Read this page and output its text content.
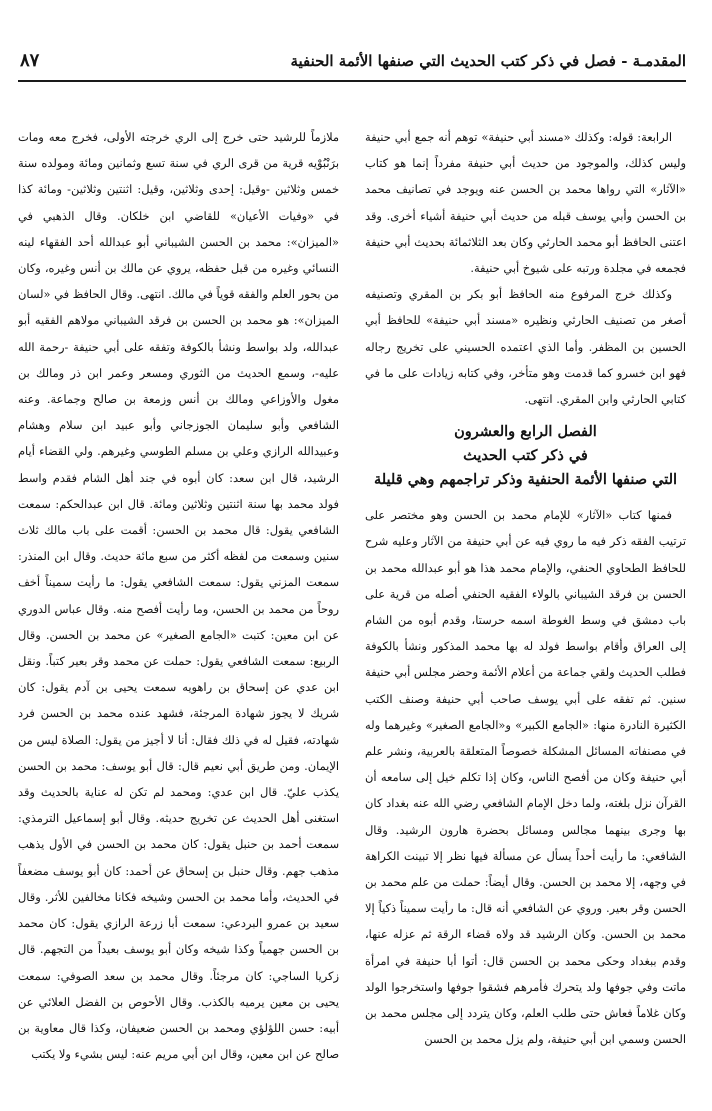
المقدمـة - فصل في ذكر كتب الحديث التي صنفها الأئمة الحنفية
٨٧

الرابعة: قوله: وكذلك «مسند أبي حنيفة» توهم أنه جمع أبي حنيفة وليس كذلك، والموجود من حديث أبي حنيفة مفرداً إنما هو كتاب «الآثار» التي رواها محمد بن الحسن عنه ويوجد في تصانيف محمد بن الحسن وأبي يوسف قبله من حديث أبي حنيفة أشياء أخرى. وقد اعتنى الحافظ أبو محمد الحارثي وكان بعد الثلاثمائة بحديث أبي حنيفة فجمعه في مجلدة ورتبه على شيوخ أبي حنيفة.

وكذلك خرج المرفوع منه الحافظ أبو بكر بن المقري وتصنيفه أصغر من تصنيف الحارثي ونظيره «مسند أبي حنيفة» للحافظ أبي الحسين بن المظفر. وأما الذي اعتمده الحسيني على تخريج رجاله فهو ابن خسرو كما قدمت وهو متأخر، وفي كتابه زيادات على ما في كتابي الحارثي وابن المقري. انتهى.

الفصل الرابع والعشرون
في ذكر كتب الحديث
التي صنفها الأئمة الحنفية وذكر تراجمهم وهي قليلة

فمنها كتاب «الآثار» للإمام محمد بن الحسن وهو مختصر على ترتيب الفقه ذكر فيه ما روي فيه عن أبي حنيفة من الآثار وعليه شرح للحافظ الطحاوي الحنفي، والإمام محمد هذا هو أبو عبدالله محمد بن الحسن بن فرقد الشيباني بالولاء الفقيه الحنفي أصله من قرية على باب دمشق في وسط الغوطة اسمه حرستا، وقدم أبوه من الشام إلى العراق وأقام بواسط فولد له بها محمد المذكور ونشأ بالكوفة فطلب الحديث ولقي جماعة من أعلام الأئمة وحضر مجلس أبي حنيفة سنين. ثم تفقه على أبي يوسف صاحب أبي حنيفة وصنف الكتب الكثيرة النادرة منها: «الجامع الكبير» و«الجامع الصغير» وغيرهما وله في مصنفاته المسائل المشكلة خصوصاً المتعلقة بالعربية، ونشر علم أبي حنيفة وكان من أفصح الناس، وكان إذا تكلم خيل إلى سامعه أن القرآن نزل بلغته، ولما دخل الإمام الشافعي رضي الله عنه بغداد كان بها وجرى بينهما مجالس ومسائل بحضرة هارون الرشيد. وقال الشافعي: ما رأيت أحداً يسأل عن مسألة فيها نظر إلا تبينت الكراهة في وجهه، إلا محمد بن الحسن. وقال أيضاً: حملت من علم محمد بن الحسن وقر بعير. وروي عن الشافعي أنه قال: ما رأيت سميناً ذكياً إلا محمد بن الحسن. وكان الرشيد قد ولاه قضاء الرقة ثم عزله عنها، وقدم ببغداد وحكى محمد بن الحسن قال: أتوا أبا حنيفة في امرأة ماتت وفي جوفها ولد يتحرك فأمرهم فشقوا جوفها واستخرجوا الولد وكان غلاماً فعاش حتى طلب العلم، وكان يتردد إلى مجلس محمد بن الحسن وسمي ابن أبي حنيفة، ولم يزل محمد بن الحسن

ملازماً للرشيد حتى خرج إلى الري خرجته الأولى، فخرج معه ومات برَنْبُوْيه قرية من قرى الري في سنة تسع وثمانين ومائة ومولده سنة خمس وثلاثين -وقيل: إحدى وثلاثين، وقيل: اثنتين وثلاثين- ومائة كذا في «وفيات الأعيان» للقاضي ابن خلكان. وقال الذهبي في «الميزان»: محمد بن الحسن الشيباني أبو عبدالله أحد الفقهاء لينه النسائي وغيره من قبل حفظه، يروي عن مالك بن أنس وغيره، وكان من بحور العلم والفقه قوياً في مالك. انتهى. وقال الحافظ في «لسان الميزان»: هو محمد بن الحسن بن فرقد الشيباني مولاهم الفقيه أبو عبدالله، ولد بواسط ونشأ بالكوفة وتفقه على أبي حنيفة -رحمة الله عليه-، وسمع الحديث من الثوري ومسعر وعمر ابن ذر ومالك بن مغول والأوزاعي ومالك بن أنس وزمعة بن صالح وجماعة. وعنه الشافعي وأبو سليمان الجوزجاني وأبو عبيد ابن سلام وهشام وعبيدالله الرازي وعلي بن مسلم الطوسي وغيرهم. ولي القضاء أيام الرشيد، قال ابن سعد: كان أبوه في جند أهل الشام فقدم واسط فولد محمد بها سنة اثنتين وثلاثين ومائة. قال ابن عبدالحكم: سمعت الشافعي يقول: قال محمد بن الحسن: أقمت على باب مالك ثلاث سنين وسمعت من لفظه أكثر من سبع مائة حديث. وقال ابن المنذر: سمعت المزني يقول: سمعت الشافعي يقول: ما رأيت سميناً أخف روحاً من محمد بن الحسن، وما رأيت أفصح منه. وقال عباس الدوري عن ابن معين: كتبت «الجامع الصغير» عن محمد بن الحسن. وقال الربيع: سمعت الشافعي يقول: حملت عن محمد وقر بعير كتباً. ونقل ابن عدي عن إسحاق بن راهويه سمعت يحيى بن آدم يقول: كان شريك لا يجوز شهادة المرجئة، فشهد عنده محمد بن الحسن فرد شهادته، فقيل له في ذلك فقال: أنا لا أجيز من يقول: الصلاة ليس من الإيمان. ومن طريق أبي نعيم قال: قال أبو يوسف: محمد بن الحسن يكذب عليّ. قال ابن عدي: ومحمد لم تكن له عناية بالحديث وقد استغنى أهل الحديث عن تخريج حديثه. وقال أبو إسماعيل الترمذي: سمعت أحمد بن حنبل يقول: كان محمد بن الحسن في الأول يذهب مذهب جهم. وقال حنبل بن إسحاق عن أحمد: كان أبو يوسف مضعفاً في الحديث، وأما محمد بن الحسن وشيخه فكانا مخالفين للأثر. وقال سعيد بن عمرو البردعي: سمعت أبا زرعة الرازي يقول: كان محمد بن الحسن جهمياً وكذا شيخه وكان أبو يوسف بعيداً من التجهم. قال زكريا الساجي: كان مرجئاً. وقال محمد بن سعد الصوفي: سمعت يحيى بن معين يرميه بالكذب. وقال الأحوص بن الفضل العلائي عن أبيه: حسن اللؤلؤي ومحمد بن الحسن ضعيفان، وكذا قال معاوية بن صالح عن ابن معين، وقال ابن أبي مريم عنه: ليس بشيء ولا يكتب
